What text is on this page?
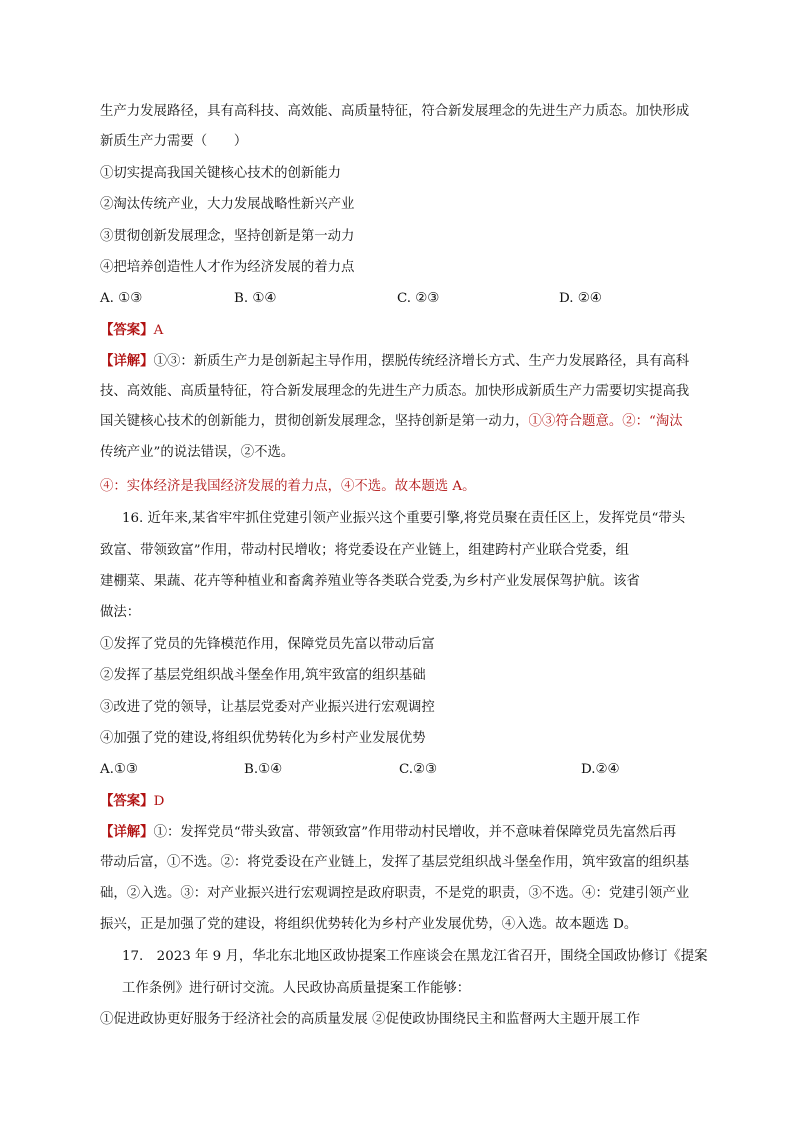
生产力发展路径，具有高科技、高效能、高质量特征，符合新发展理念的先进生产力质态。加快形成
新质生产力需要（　　）
①切实提高我国关键核心技术的创新能力
②淘汰传统产业，大力发展战略性新兴产业
③贯彻创新发展理念，坚持创新是第一动力
④把培养创造性人才作为经济发展的着力点
A. ①③	B. ①④	C. ②③	D. ②④
【答案】A
【详解】①③：新质生产力是创新起主导作用，摆脱传统经济增长方式、生产力发展路径，具有高科
技、高效能、高质量特征，符合新发展理念的先进生产力质态。加快形成新质生产力需要切实提高我
国关键核心技术的创新能力，贯彻创新发展理念，坚持创新是第一动力，①③符合题意。②：“淘汰
传统产业”的说法错误，②不选。
④：实体经济是我国经济发展的着力点，④不选。故本题选 A。
16. 近年来,某省牢牢抓住党建引领产业振兴这个重要引擎,将党员聚在责任区上，发挥党员“带头
致富、带领致富”作用，带动村民增收；将党委设在产业链上，组建跨村产业联合党委，组
建棚菜、果蔬、花卉等种植业和畜禽养殖业等各类联合党委,为乡村产业发展保驾护航。该省
做法：
①发挥了党员的先锋模范作用，保障党员先富以带动后富
②发挥了基层党组织战斗堡垒作用,筑牢致富的组织基础
③改进了党的领导，让基层党委对产业振兴进行宏观调控
④加强了党的建设,将组织优势转化为乡村产业发展优势
A.①③	B.①④	C.②③	D.②④
【答案】D
【详解】①：发挥党员“带头致富、带领致富”作用带动村民增收，并不意味着保障党员先富然后再
带动后富，①不选。②：将党委设在产业链上，发挥了基层党组织战斗堡垒作用，筑牢致富的组织基
础，②入选。③：对产业振兴进行宏观调控是政府职责，不是党的职责，③不选。④：党建引领产业
振兴，正是加强了党的建设，将组织优势转化为乡村产业发展优势，④入选。故本题选 D。
17.　2023 年 9 月，华北东北地区政协提案工作座谈会在黑龙江省召开，围绕全国政协修订《提案
工作条例》进行研讨交流。人民政协高质量提案工作能够：
①促进政协更好服务于经济社会的高质量发展 ②促使政协围绕民主和监督两大主题开展工作
